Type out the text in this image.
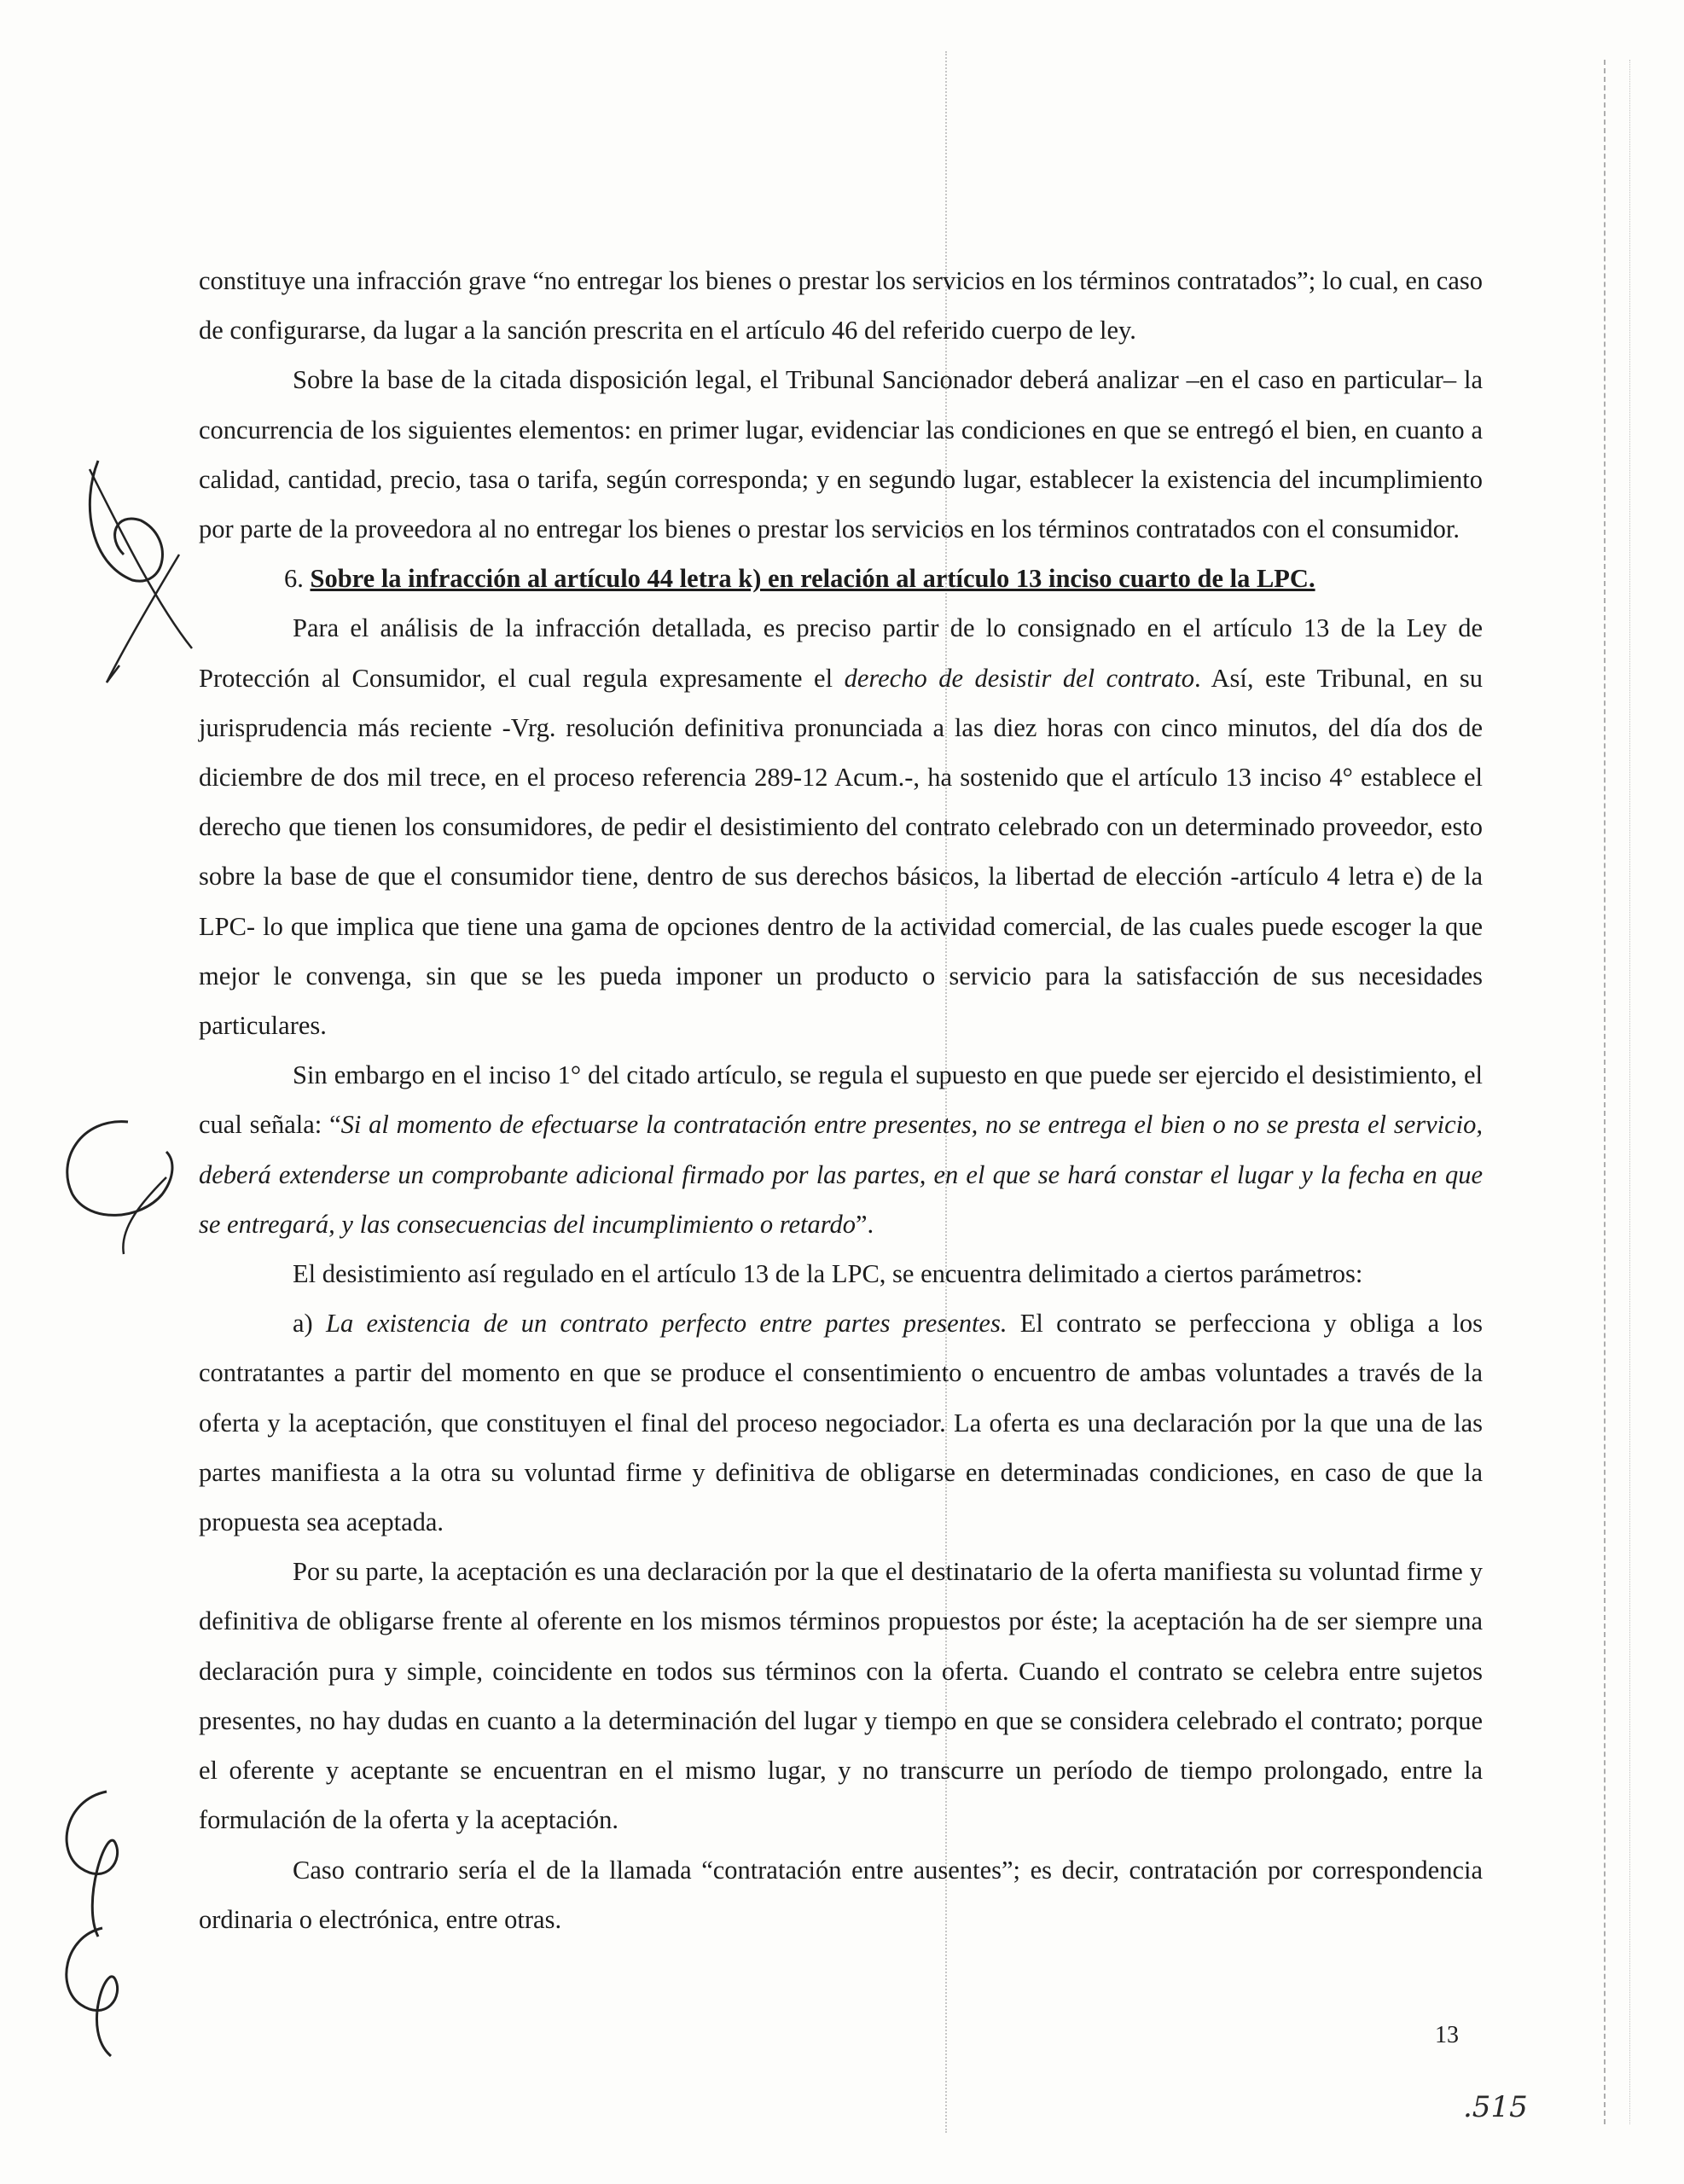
constituye una infracción grave “no entregar los bienes o prestar los servicios en los términos contratados”; lo cual, en caso de configurarse, da lugar a la sanción prescrita en el artículo 46 del referido cuerpo de ley.

Sobre la base de la citada disposición legal, el Tribunal Sancionador deberá analizar –en el caso en particular– la concurrencia de los siguientes elementos: en primer lugar, evidenciar las condiciones en que se entregó el bien, en cuanto a calidad, cantidad, precio, tasa o tarifa, según corresponda; y en segundo lugar, establecer la existencia del incumplimiento por parte de la proveedora al no entregar los bienes o prestar los servicios en los términos contratados con el consumidor.

6. Sobre la infracción al artículo 44 letra k) en relación al artículo 13 inciso cuarto de la LPC.

Para el análisis de la infracción detallada, es preciso partir de lo consignado en el artículo 13 de la Ley de Protección al Consumidor, el cual regula expresamente el derecho de desistir del contrato. Así, este Tribunal, en su jurisprudencia más reciente -Vrg. resolución definitiva pronunciada a las diez horas con cinco minutos, del día dos de diciembre de dos mil trece, en el proceso referencia 289-12 Acum.-, ha sostenido que el artículo 13 inciso 4° establece el derecho que tienen los consumidores, de pedir el desistimiento del contrato celebrado con un determinado proveedor, esto sobre la base de que el consumidor tiene, dentro de sus derechos básicos, la libertad de elección -artículo 4 letra e) de la LPC- lo que implica que tiene una gama de opciones dentro de la actividad comercial, de las cuales puede escoger la que mejor le convenga, sin que se les pueda imponer un producto o servicio para la satisfacción de sus necesidades particulares.

Sin embargo en el inciso 1° del citado artículo, se regula el supuesto en que puede ser ejercido el desistimiento, el cual señala: “Si al momento de efectuarse la contratación entre presentes, no se entrega el bien o no se presta el servicio, deberá extenderse un comprobante adicional firmado por las partes, en el que se hará constar el lugar y la fecha en que se entregará, y las consecuencias del incumplimiento o retardo”.

El desistimiento así regulado en el artículo 13 de la LPC, se encuentra delimitado a ciertos parámetros:

a) La existencia de un contrato perfecto entre partes presentes. El contrato se perfecciona y obliga a los contratantes a partir del momento en que se produce el consentimiento o encuentro de ambas voluntades a través de la oferta y la aceptación, que constituyen el final del proceso negociador. La oferta es una declaración por la que una de las partes manifiesta a la otra su voluntad firme y definitiva de obligarse en determinadas condiciones, en caso de que la propuesta sea aceptada.

Por su parte, la aceptación es una declaración por la que el destinatario de la oferta manifiesta su voluntad firme y definitiva de obligarse frente al oferente en los mismos términos propuestos por éste; la aceptación ha de ser siempre una declaración pura y simple, coincidente en todos sus términos con la oferta. Cuando el contrato se celebra entre sujetos presentes, no hay dudas en cuanto a la determinación del lugar y tiempo en que se considera celebrado el contrato; porque el oferente y aceptante se encuentran en el mismo lugar, y no transcurre un período de tiempo prolongado, entre la formulación de la oferta y la aceptación.

Caso contrario sería el de la llamada “contratación entre ausentes”; es decir, contratación por correspondencia ordinaria o electrónica, entre otras.

13
.515
